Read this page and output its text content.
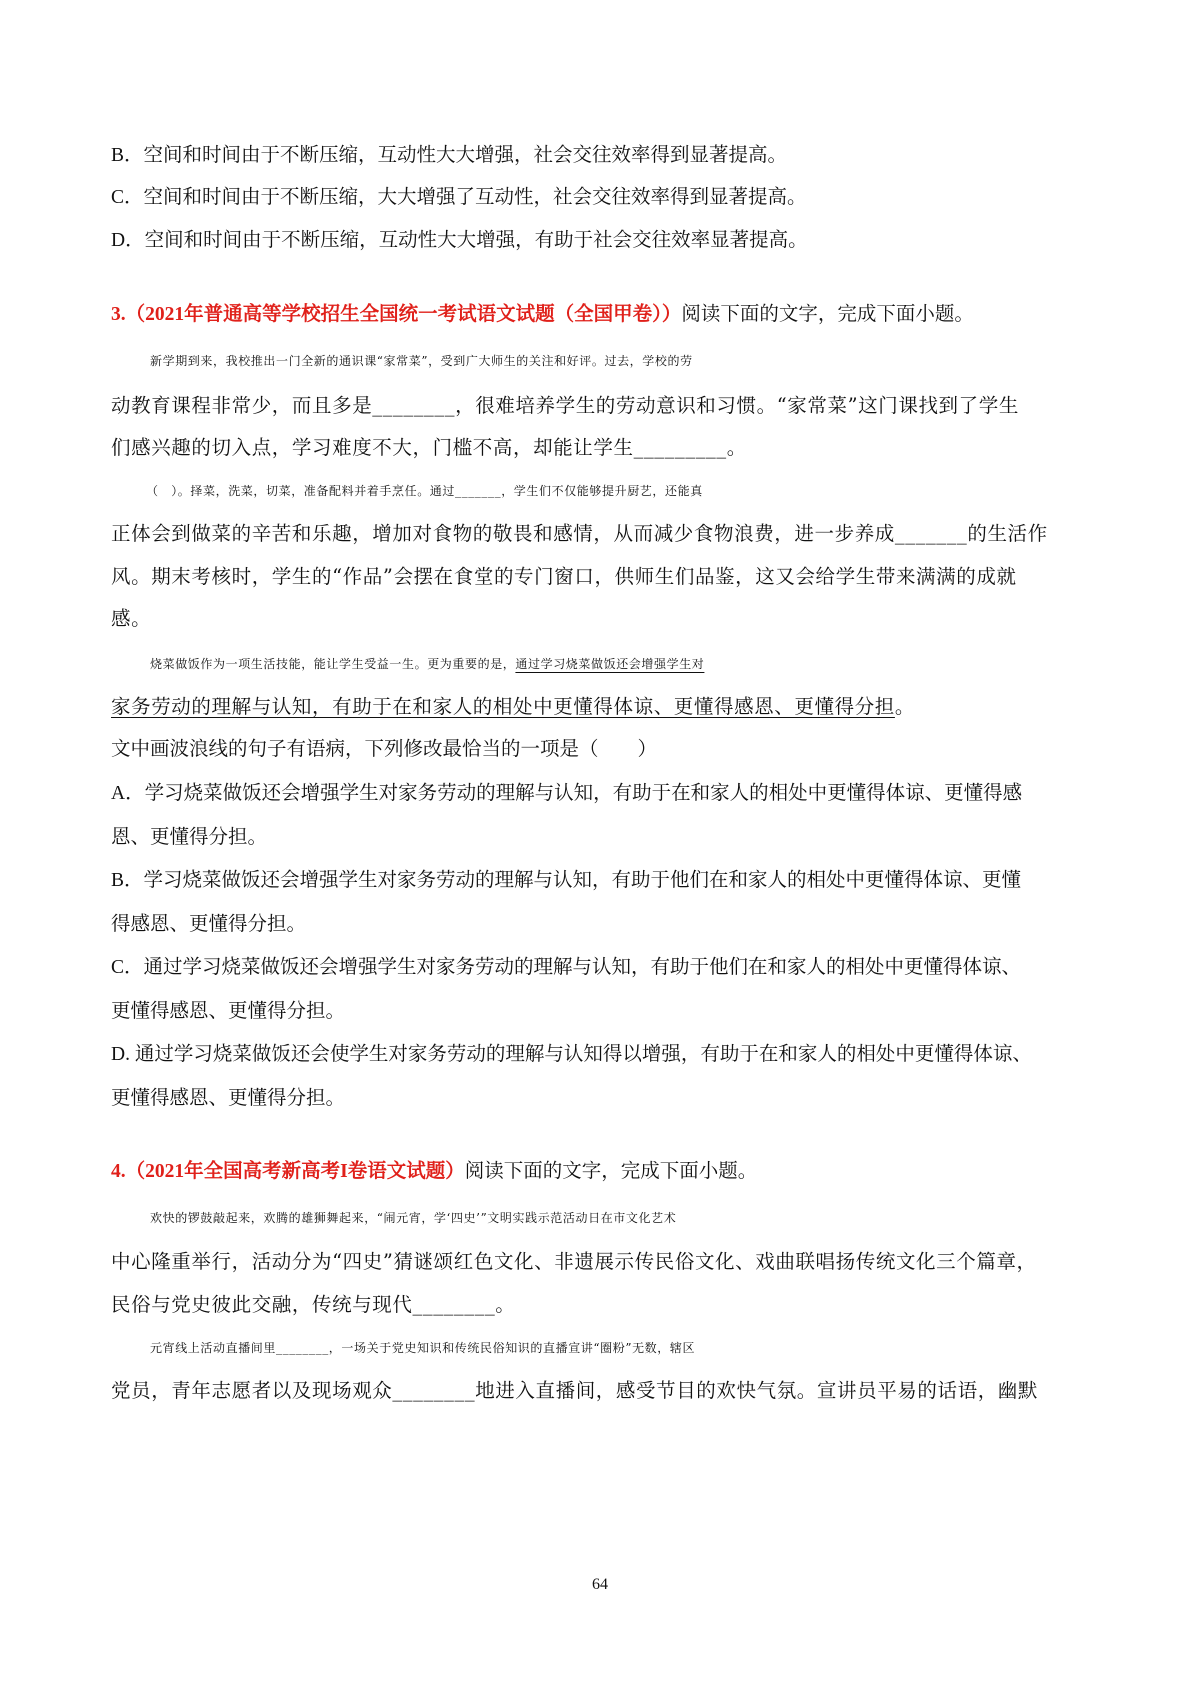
B．空间和时间由于不断压缩，互动性大大增强，社会交往效率得到显著提高。
C．空间和时间由于不断压缩，大大增强了互动性，社会交往效率得到显著提高。
D．空间和时间由于不断压缩，互动性大大增强，有助于社会交往效率显著提高。
3.（2021年普通高等学校招生全国统一考试语文试题（全国甲卷））阅读下面的文字，完成下面小题。
新学期到来，我校推出一门全新的通识课“家常菜”，受到广大师生的关注和好评。过去，学校的劳
动教育课程非常少，而且多是________，很难培养学生的劳动意识和习惯。“家常菜”这门课找到了学生
们感兴趣的切入点，学习难度不大，门槛不高，却能让学生_________。
（　）。择菜，洗菜，切菜，准备配料并着手烹任。通过_______，学生们不仅能够提升厨艺，还能真
正体会到做菜的辛苦和乐趣，增加对食物的敬畏和感情，从而减少食物浪费，进一步养成_______的生活作
风。期末考核时，学生的“作品”会摆在食堂的专门窗口，供师生们品鉴，这又会给学生带来满满的成就
感。
烧菜做饭作为一项生活技能，能让学生受益一生。更为重要的是，通过学习烧菜做饭还会增强学生对
家务劳动的理解与认知，有助于在和家人的相处中更懂得体谅、更懂得感恩、更懂得分担。
文中画波浪线的句子有语病，下列修改最恰当的一项是（　　）
A．学习烧菜做饭还会增强学生对家务劳动的理解与认知，有助于在和家人的相处中更懂得体谅、更懂得感
恩、更懂得分担。
B．学习烧菜做饭还会增强学生对家务劳动的理解与认知，有助于他们在和家人的相处中更懂得体谅、更懂
得感恩、更懂得分担。
C．通过学习烧菜做饭还会增强学生对家务劳动的理解与认知，有助于他们在和家人的相处中更懂得体谅、
更懂得感恩、更懂得分担。
D. 通过学习烧菜做饭还会使学生对家务劳动的理解与认知得以增强，有助于在和家人的相处中更懂得体谅、
更懂得感恩、更懂得分担。
4.（2021年全国高考新高考I卷语文试题）阅读下面的文字，完成下面小题。
欢快的锣鼓敲起来，欢腾的雄狮舞起来，“闹元宵，学‘四史’”文明实践示范活动日在市文化艺术
中心隆重举行，活动分为“四史”猜谜颂红色文化、非遗展示传民俗文化、戏曲联唱扬传统文化三个篇章，
民俗与党史彼此交融，传统与现代________。
元宵线上活动直播间里________，一场关于党史知识和传统民俗知识的直播宣讲“圈粉”无数，辖区
党员，青年志愿者以及现场观众________地进入直播间，感受节目的欢快气氛。宣讲员平易的话语，幽默
64
